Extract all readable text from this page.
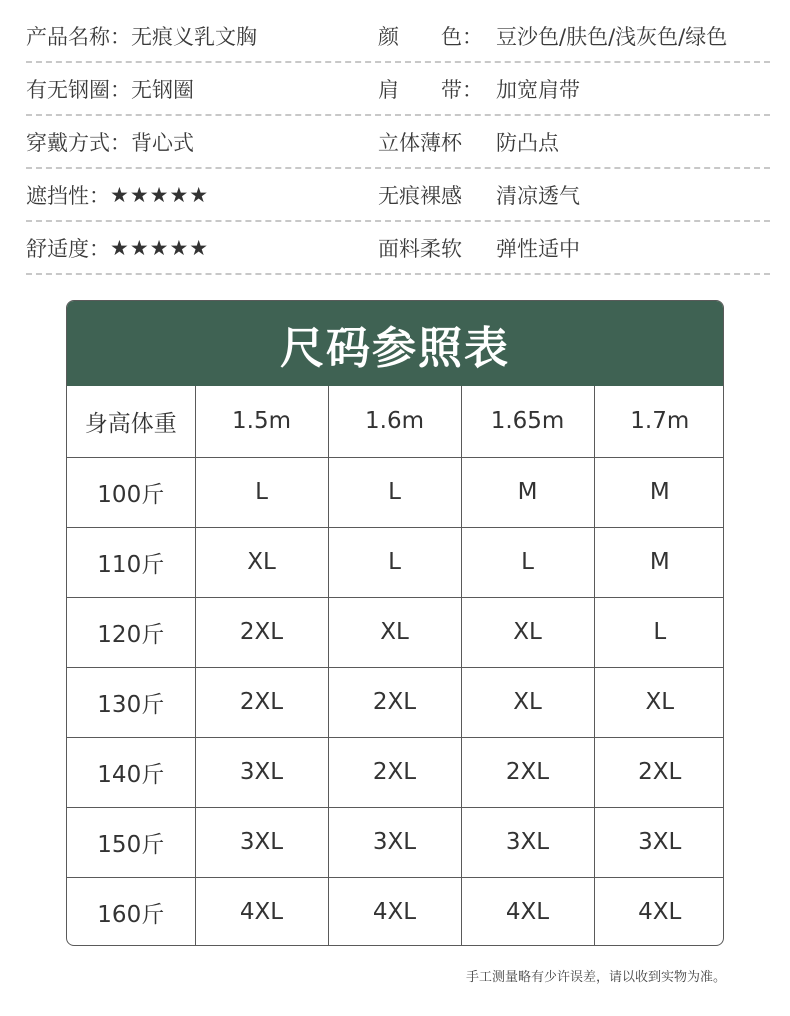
产品名称： 无痕义乳文胸	颜　　色： 豆沙色/肤色/浅灰色/绿色
有无钢圈： 无钢圈	肩　　带： 加宽肩带
穿戴方式： 背心式	立体薄杯	防凸点
遮挡性： ★★★★★	无痕裸感	清凉透气
舒适度： ★★★★★	面料柔软	弹性适中
尺码参照表
身高体重	1.5m	1.6m	1.65m	1.7m
100斤	L	L	M	M
110斤	XL	L	L	M
120斤	2XL	XL	XL	L
130斤	2XL	2XL	XL	XL
140斤	3XL	2XL	2XL	2XL
150斤	3XL	3XL	3XL	3XL
160斤	4XL	4XL	4XL	4XL
手工测量略有少许误差，请以收到实物为准。
